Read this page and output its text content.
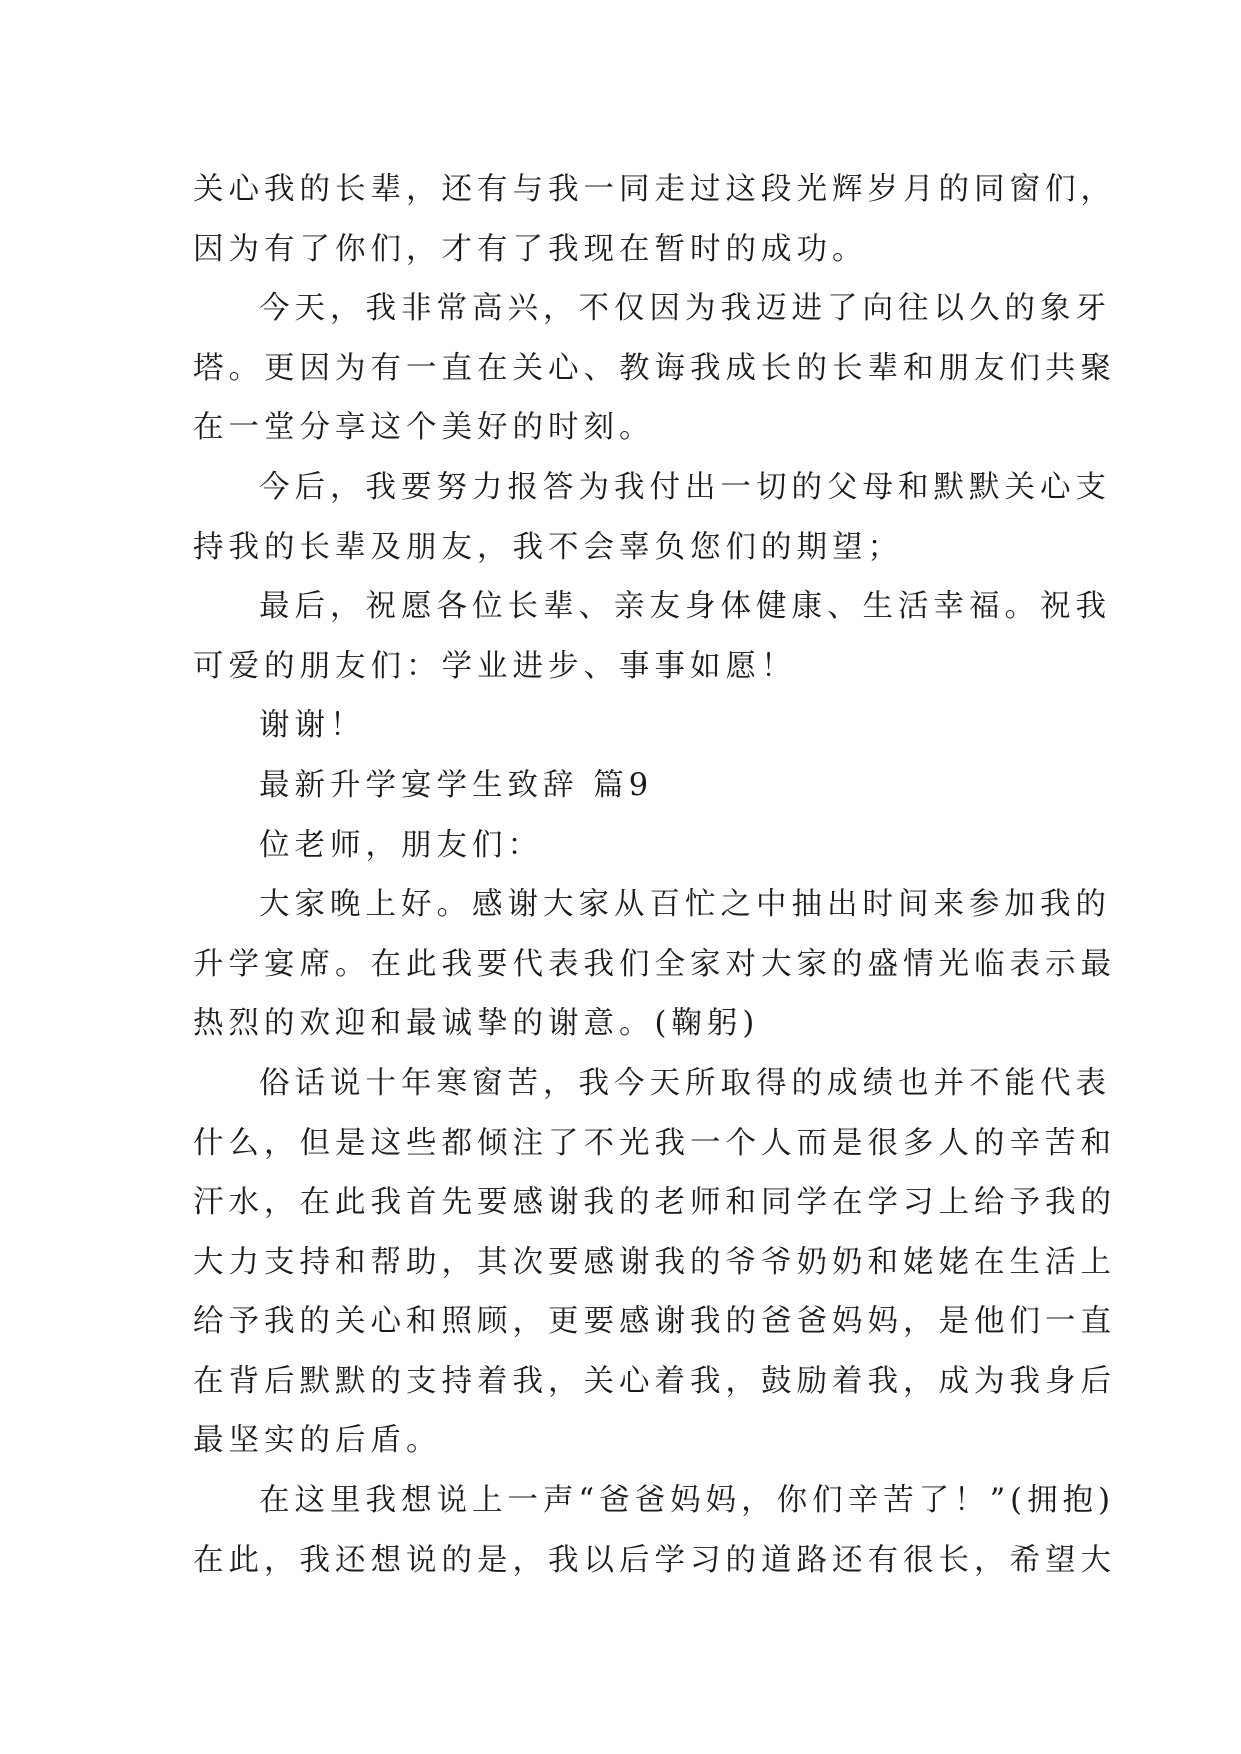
关心我的长辈，还有与我一同走过这段光辉岁月的同窗们，
因为有了你们，才有了我现在暂时的成功。
今天，我非常高兴，不仅因为我迈进了向往以久的象牙
塔。更因为有一直在关心、教诲我成长的长辈和朋友们共聚
在一堂分享这个美好的时刻。
今后，我要努力报答为我付出一切的父母和默默关心支
持我的长辈及朋友，我不会辜负您们的期望；
最后，祝愿各位长辈、亲友身体健康、生活幸福。祝我
可爱的朋友们：学业进步、事事如愿！
谢谢！
最新升学宴学生致辞 篇9
位老师，朋友们：
大家晚上好。感谢大家从百忙之中抽出时间来参加我的
升学宴席。在此我要代表我们全家对大家的盛情光临表示最
热烈的欢迎和最诚挚的谢意。(鞠躬)
俗话说十年寒窗苦，我今天所取得的成绩也并不能代表
什么，但是这些都倾注了不光我一个人而是很多人的辛苦和
汗水，在此我首先要感谢我的老师和同学在学习上给予我的
大力支持和帮助，其次要感谢我的爷爷奶奶和姥姥在生活上
给予我的关心和照顾，更要感谢我的爸爸妈妈，是他们一直
在背后默默的支持着我，关心着我，鼓励着我，成为我身后
最坚实的后盾。
在这里我想说上一声“爸爸妈妈，你们辛苦了！”(拥抱)
在此，我还想说的是，我以后学习的道路还有很长，希望大
